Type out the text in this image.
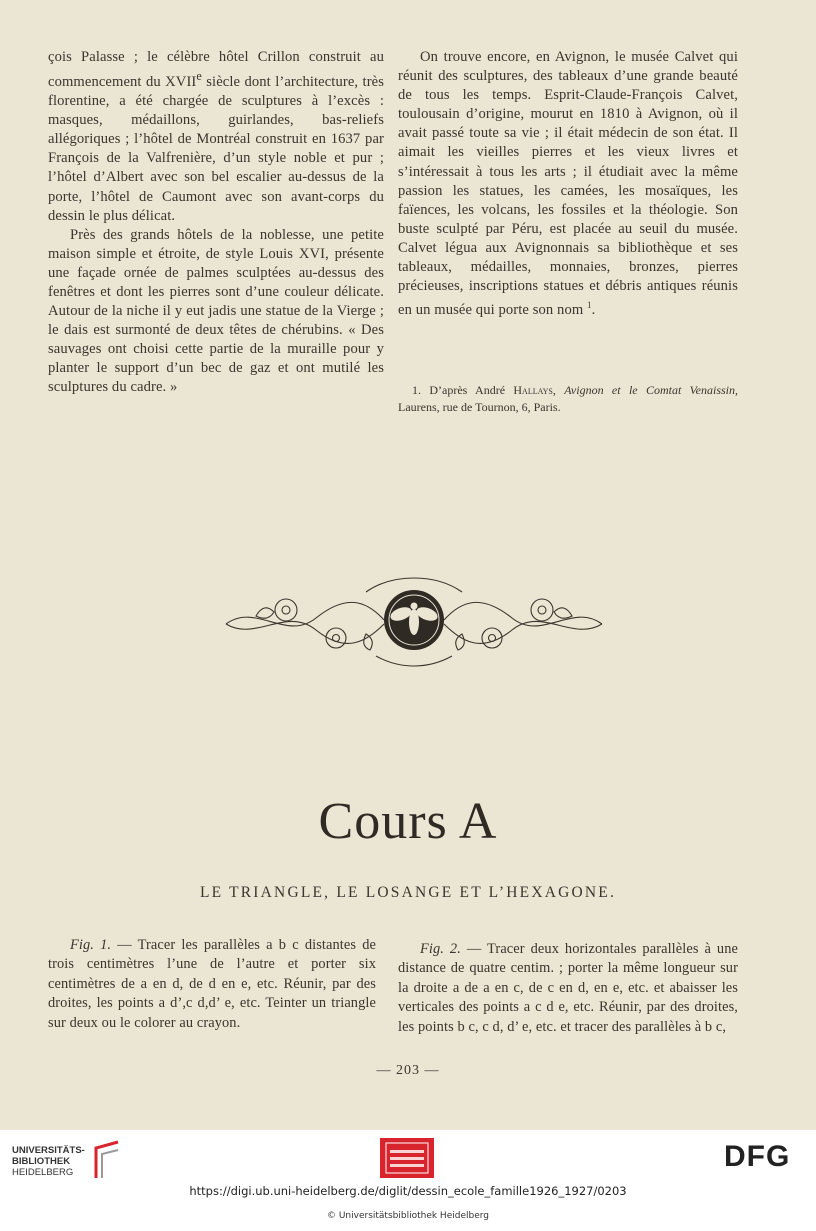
çois Palasse ; le célèbre hôtel Crillon construit au commencement du XVIIe siècle dont l’architecture, très florentine, a été chargée de sculptures à l’excès : masques, médaillons, guirlandes, bas-reliefs allégoriques ; l’hôtel de Montréal construit en 1637 par François de la Valfrenière, d’un style noble et pur ; l’hôtel d’Albert avec son bel escalier au-dessus de la porte, l’hôtel de Caumont avec son avant-corps du dessin le plus délicat.

Près des grands hôtels de la noblesse, une petite maison simple et étroite, de style Louis XVI, présente une façade ornée de palmes sculptées au-dessus des fenêtres et dont les pierres sont d’une couleur délicate. Autour de la niche il y eut jadis une statue de la Vierge ; le dais est surmonté de deux têtes de chérubins. « Des sauvages ont choisi cette partie de la muraille pour y planter le support d’un bec de gaz et ont mutilé les sculptures du cadre. »

On trouve encore, en Avignon, le musée Calvet qui réunit des sculptures, des tableaux d’une grande beauté de tous les temps. Esprit-Claude-François Calvet, toulousain d’origine, mourut en 1810 à Avignon, où il avait passé toute sa vie ; il était médecin de son état. Il aimait les vieilles pierres et les vieux livres et s’intéressait à tous les arts ; il étudiait avec la même passion les statues, les camées, les mosaïques, les faïences, les volcans, les fossiles et la théologie. Son buste sculpté par Péru, est placée au seuil du musée. Calvet légua aux Avignonnais sa bibliothèque et ses tableaux, médailles, monnaies, bronzes, pierres précieuses, inscriptions statues et débris antiques réunis en un musée qui porte son nom $^1$.

1. D’après André Hallays, Avignon et le Comtat Venaissin, Laurens, rue de Tournon, 6, Paris.
Cours A
LE TRIANGLE, LE LOSANGE ET L’HEXAGONE.

Fig. 1. — Tracer les parallèles a b c distantes de trois centimètres l’une de l’autre et porter six centimètres de a en d, de d en e, etc. Réunir, par des droites, les points a d’,c d,d’ e, etc. Teinter un triangle sur deux ou le colorer au crayon.

Fig. 2. — Tracer deux horizontales parallèles à une distance de quatre centim. ; porter la même longueur sur la droite a de a en c, de c en d, en e, etc. et abaisser les verticales des points a c d e, etc. Réunir, par des droites, les points b c, c d, d’ e, etc. et tracer des parallèles à b c,

— 203 —
UNIVERSITÄTS-
BIBLIOTHEK
HEIDELBERG	DFG
https://digi.ub.uni-heidelberg.de/diglit/dessin_ecole_famille1926_1927/0203
© Universitätsbibliothek Heidelberg
